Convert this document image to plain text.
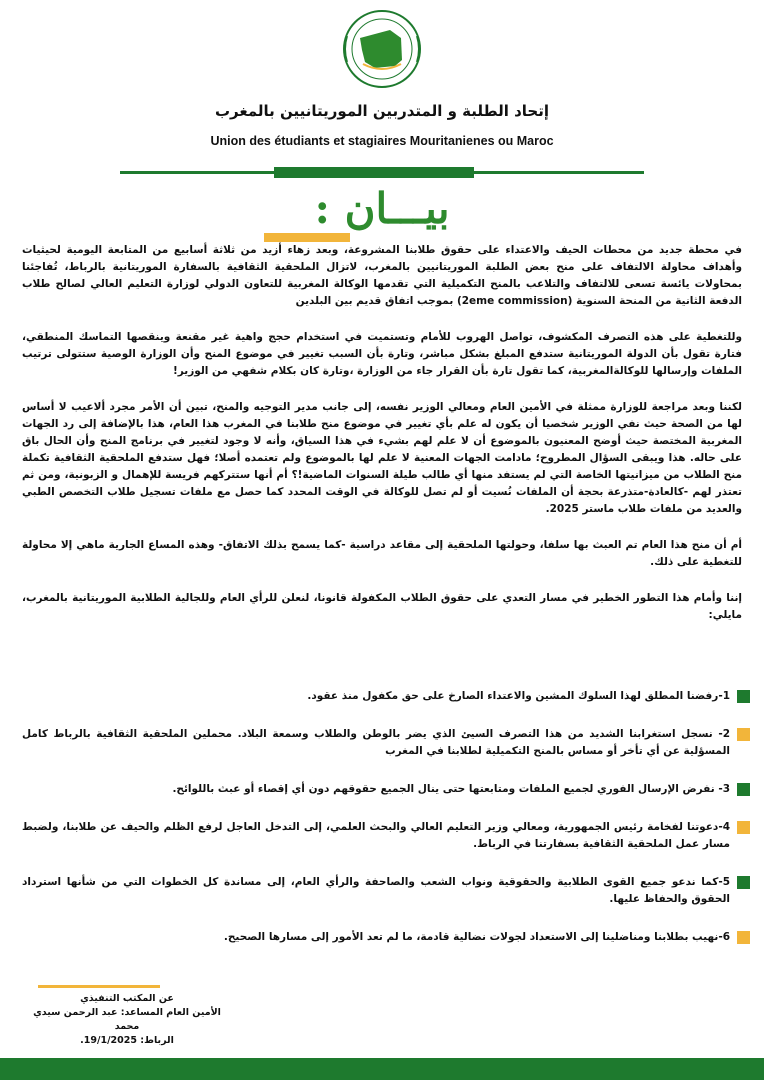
إتحاد الطلبة و المتدربين الموريتانيين بالمغرب
Union des étudiants et stagiaires Mouritanienes ou Maroc
بيـــان :

في محطة جديد من محطات الحيف والاعتداء على حقوق طلابنا المشروعة، وبعد زهاء أزيد من ثلاثة أسابيع من المتابعة اليومية لحيثيات وأهداف محاولة الالتفاف على منح بعض الطلبة الموريتانيين بالمغرب، لاتزال الملحقية الثقافية بالسفارة الموريتانية بالرباط، تُفاجئنا بمحاولات يائسة تسعى للالتفاف والتلاعب بالمنح التكميلية التي تقدمها الوكالة المغربية للتعاون الدولي لوزارة التعليم العالي لصالح طلاب الدفعة الثانية من المنحة السنوية (2eme commission) بموجب اتفاق قديم بين البلدين

وللتغطية على هذه التصرف المكشوف، تواصل الهروب للأمام وتستميت في استخدام حجج واهية غير مقنعة وينقصها التماسك المنطقي، فتارة تقول بأن الدولة الموريتانية ستدفع المبلغ بشكل مباشر، وتارة بأن السبب تغيير في موضوع المنح وأن الوزارة الوصية ستتولى ترتيب الملفات وإرسالها للوكالةالمغربية، كما تقول تارة بأن القرار جاء من الوزارة ،وتارة كان بكلام شفهي من الوزير!

لكننا وبعد مراجعة للوزارة ممثلة في الأمين العام ومعالي الوزير نفسه، إلى جانب مدير التوجيه والمنح، تبين أن الأمر مجرد ألاعيب لا أساس لها من الصحة حيث نفي الوزير شخصيا أن يكون له علم بأي تغيير في موضوع منح طلابنا في المغرب هذا العام، هذا بالإضافة إلى رد الجهات المغربية المختصة حيث أوضح المعنيون بالموضوع أن لا علم لهم بشيء في هذا السياق، وأنه لا وجود لتغيير في برنامج المنح وأن الحال باق على حاله. هذا ويبقى السؤال المطروح؛ مادامت الجهات المعنية لا علم لها بالموضوع ولم تعتمده أصلا؛ فهل ستدفع الملحقية الثقافية تكملة منح الطلاب من ميزانيتها الخاصة التي لم يستفد منها أي طالب طيلة السنوات الماضية!؟ أم أنها ستتركهم فريسة للإهمال و الزبونية، ومن ثم تعتذر لهم -كالعادة-متذرعة بحجة أن الملفات نُسيت أو لم تصل للوكالة في الوقت المحدد كما حصل مع ملفات تسجيل طلاب التخصص الطبي والعديد من ملفات طلاب ماستر 2025.

أم أن منح هذا العام تم العبث بها سلفا، وحولتها الملحقية إلى مقاعد دراسية -كما يسمح بذلك الاتفاق- وهذه المساع الجارية ماهي إلا محاولة للتغطية على ذلك.

إننا وأمام هذا التطور الخطير في مسار التعدي على حقوق الطلاب المكفولة قانونا، لنعلن للرأي العام وللجالية الطلابية الموريتانية بالمغرب، مايلي:

1-رفضنا المطلق لهذا السلوك المشين والاعتداء الصارخ على حق مكفول منذ عقود.
2- نسجل استغرابنا الشديد من هذا التصرف السيئ الذي يضر بالوطن والطلاب وسمعة البلاد. محملين الملحقية الثقافية بالرباط كامل المسؤلية عن أي تأخر أو مساس بالمنح التكميلية لطلابنا في المغرب
3- نفرض الإرسال الفوري لجميع الملفات ومتابعتها حتى ينال الجميع حقوقهم دون أي إقصاء أو عبث باللوائح.
4-دعوتنا لفخامة رئيس الجمهورية، ومعالي وزير التعليم العالي والبحث العلمي، إلى التدخل العاجل لرفع الظلم والحيف عن طلابنا، ولضبط مسار عمل الملحقية الثقافية بسفارتنا في الرباط.
5-كما ندعو جميع القوى الطلابية والحقوقية ونواب الشعب والصاحفة والرأي العام، إلى مساندة كل الخطوات التي من شأنها استرداد الحقوق والحفاظ عليها.
6-نهيب بطلابنا ومناضلينا إلى الاستعداد لجولات نضالية قادمة، ما لم تعد الأمور إلى مسارها الصحيح.
عن المكتب التنفيذي
الأمين العام المساعد: عبد الرحمن سيدي محمد
الرباط: 19/1/2025.
